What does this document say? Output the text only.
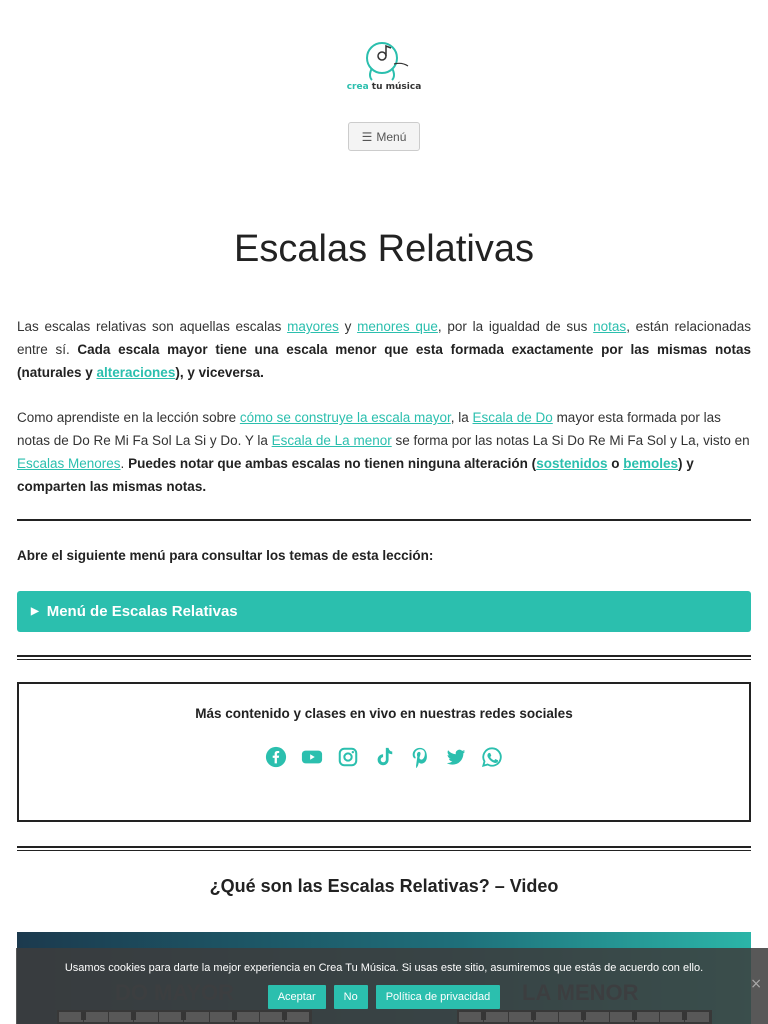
crea tu música
☰ Menú
Escalas Relativas

Las escalas relativas son aquellas escalas mayores y menores que, por la igualdad de sus notas, están relacionadas entre sí. Cada escala mayor tiene una escala menor que esta formada exactamente por las mismas notas (naturales y alteraciones), y viceversa.

Como aprendiste en la lección sobre cómo se construye la escala mayor, la Escala de Do mayor esta formada por las notas de Do Re Mi Fa Sol La Si y Do. Y la Escala de La menor se forma por las notas La Si Do Re Mi Fa Sol y La, visto en Escalas Menores. Puedes notar que ambas escalas no tienen ninguna alteración (sostenidos o bemoles) y comparten las mismas notas.

Abre el siguiente menú para consultar los temas de esta lección:
▶ Menú de Escalas Relativas
Más contenido y clases en vivo en nuestras redes sociales
¿Qué son las Escalas Relativas? – Video
Usamos cookies para darte la mejor experiencia en Crea Tu Música. Si usas este sitio, asumiremos que estás de acuerdo con ello.
Aceptar	No	Política de privacidad
×
